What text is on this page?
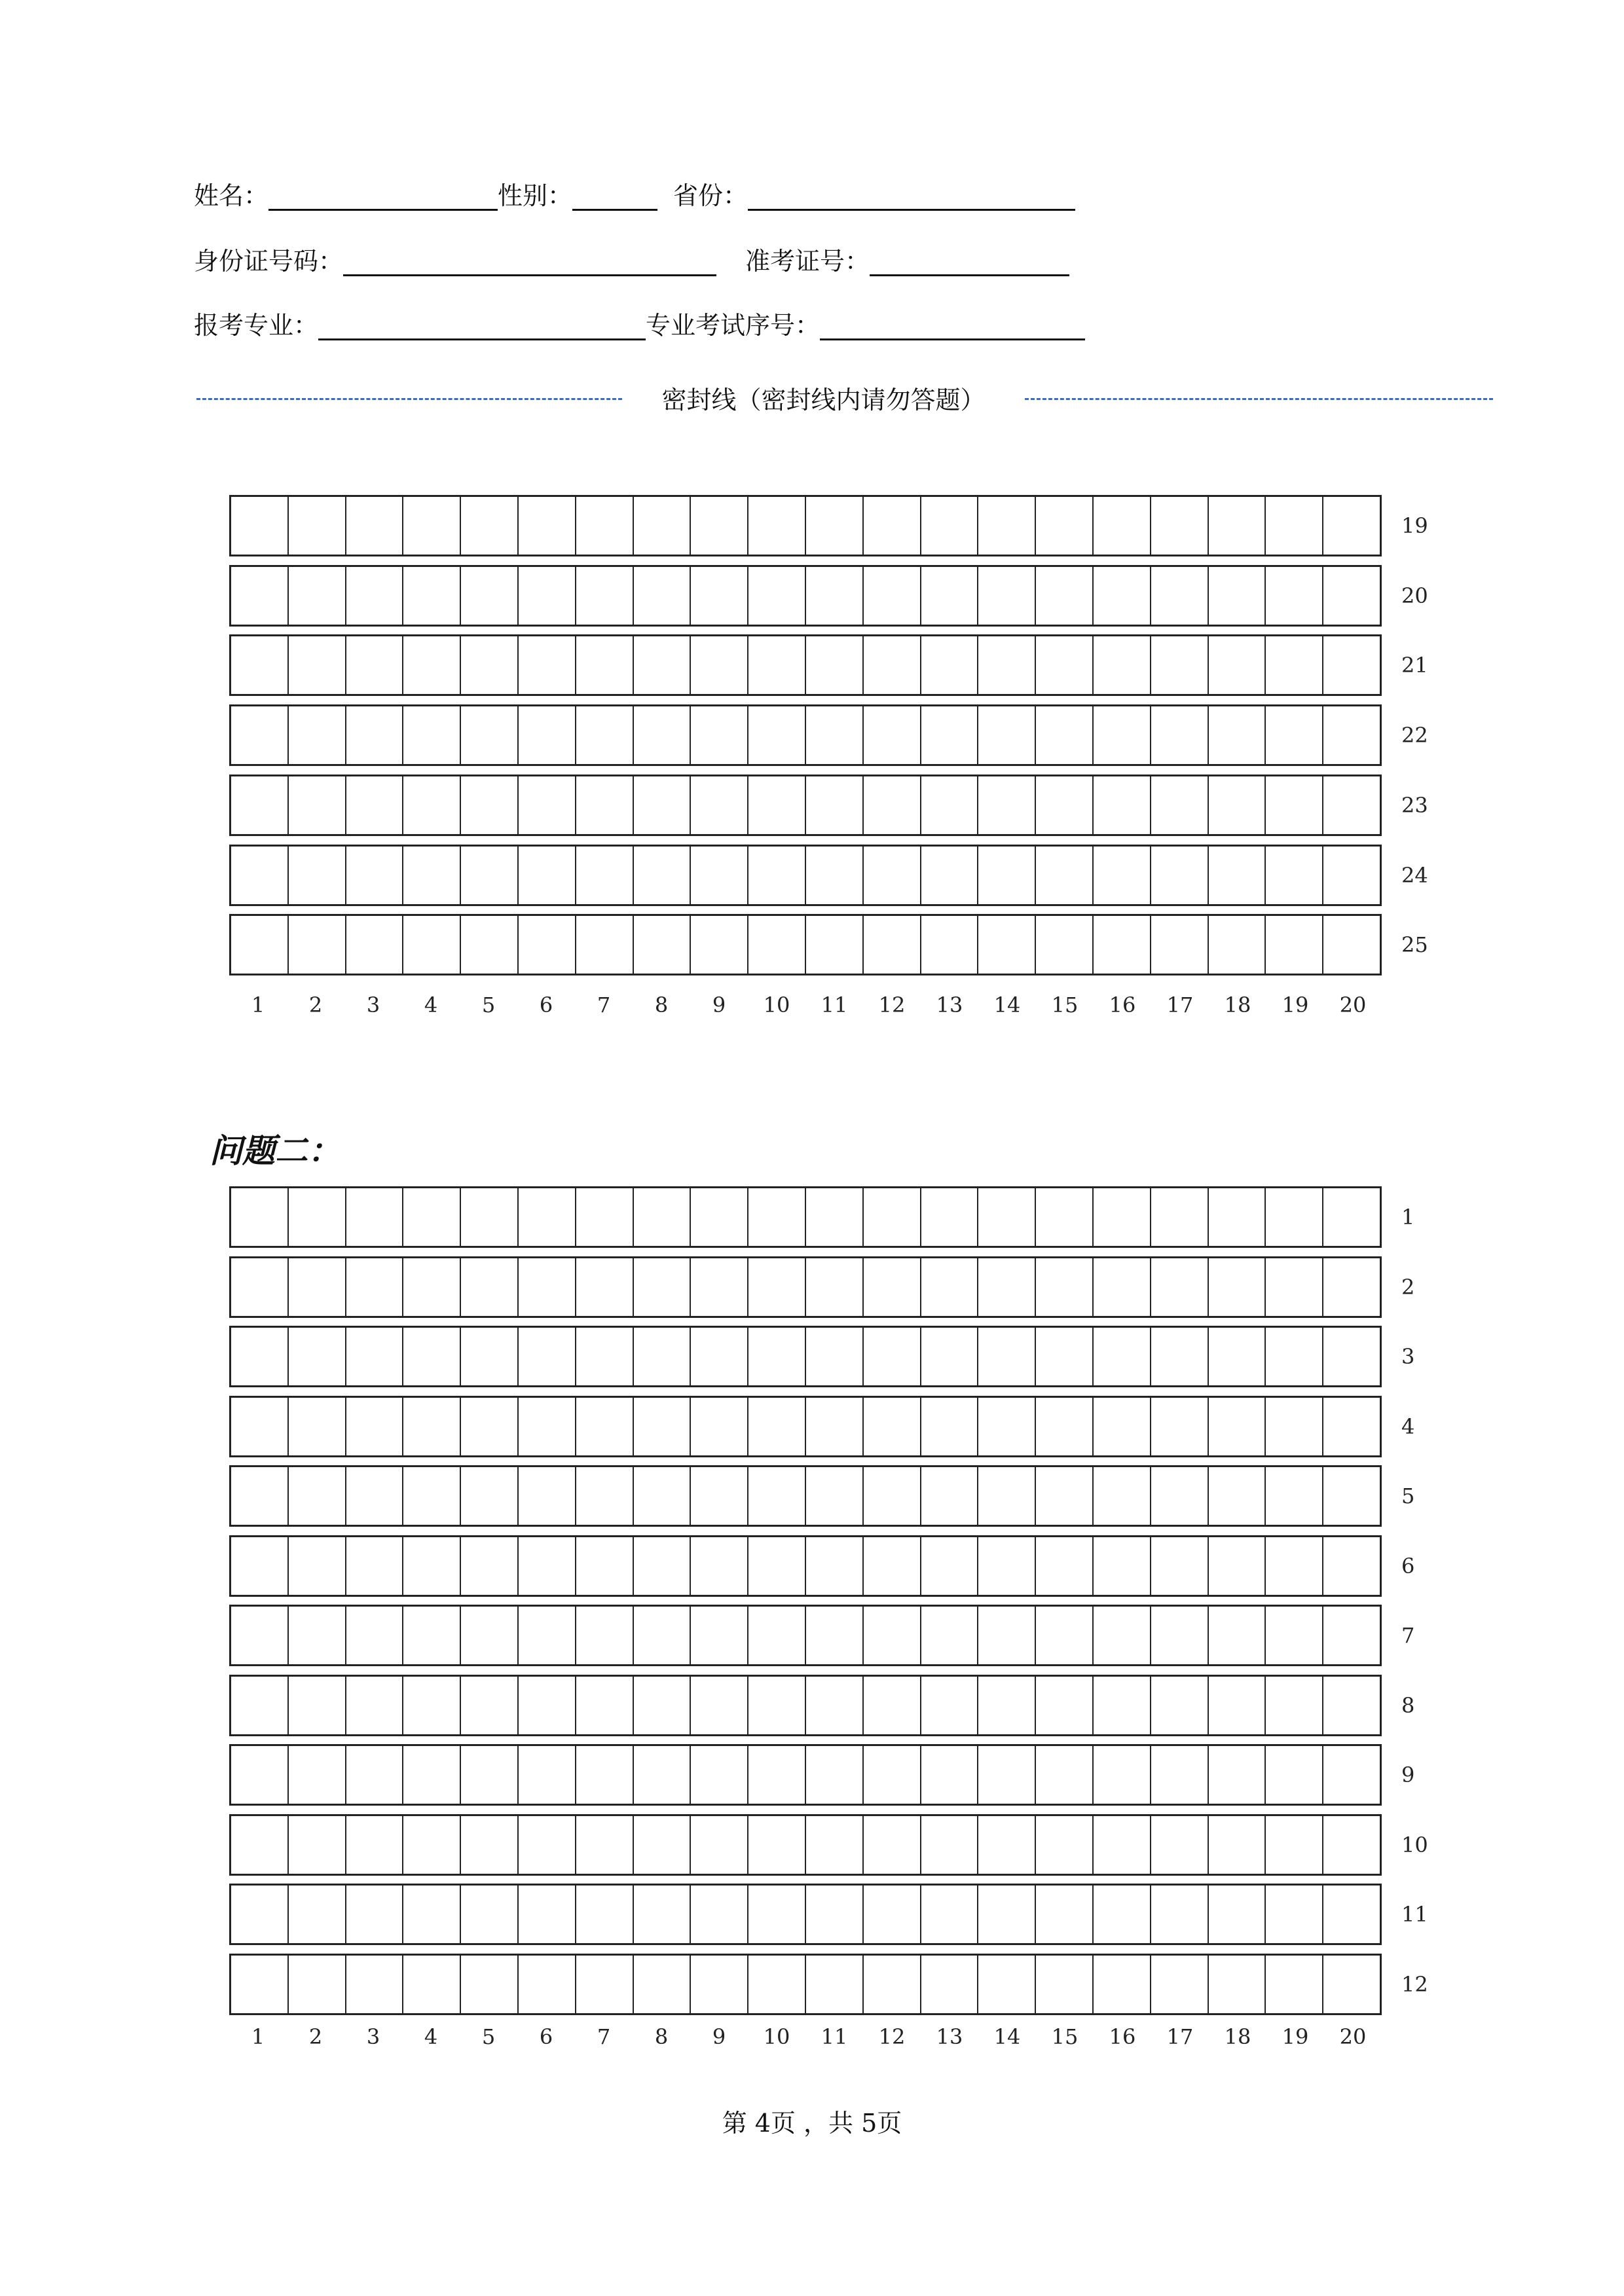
姓名：	性别：	省份：
身份证号码：	准考证号：
报考专业：	专业考试序号：
密封线（密封线内请勿答题）
19
20
21
22
23
24
25
1	2	3	4	5	6	7	8	9	10	11	12	13	14	15	16	17	18	19	20
问题二：
1
2
3
4
5
6
7
8
9
10
11
12
1	2	3	4	5	6	7	8	9	10	11	12	13	14	15	16	17	18	19	20
第 4页 ，共 5页
